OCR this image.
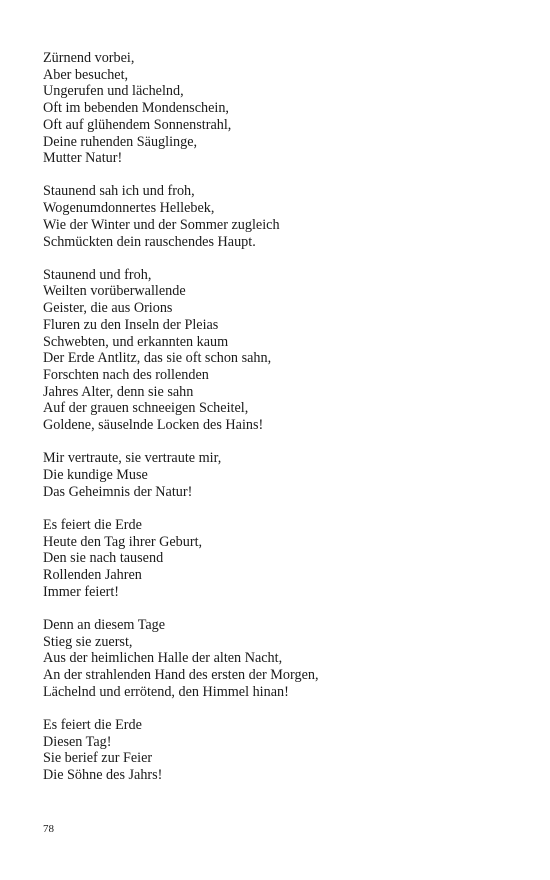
Zürnend vorbei,
Aber besuchet,
Ungerufen und lächelnd,
Oft im bebenden Mondenschein,
Oft auf glühendem Sonnenstrahl,
Deine ruhenden Säuglinge,
Mutter Natur!
Staunend sah ich und froh,
Wogenumdonnertes Hellebek,
Wie der Winter und der Sommer zugleich
Schmückten dein rauschendes Haupt.
Staunend und froh,
Weilten vorüberwallende
Geister, die aus Orions
Fluren zu den Inseln der Pleias
Schwebten, und erkannten kaum
Der Erde Antlitz, das sie oft schon sahn,
Forschten nach des rollenden
Jahres Alter, denn sie sahn
Auf der grauen schneeigen Scheitel,
Goldene, säuselnde Locken des Hains!
Mir vertraute, sie vertraute mir,
Die kundige Muse
Das Geheimnis der Natur!
Es feiert die Erde
Heute den Tag ihrer Geburt,
Den sie nach tausend
Rollenden Jahren
Immer feiert!
Denn an diesem Tage
Stieg sie zuerst,
Aus der heimlichen Halle der alten Nacht,
An der strahlenden Hand des ersten der Morgen,
Lächelnd und errötend, den Himmel hinan!
Es feiert die Erde
Diesen Tag!
Sie berief zur Feier
Die Söhne des Jahrs!
78
